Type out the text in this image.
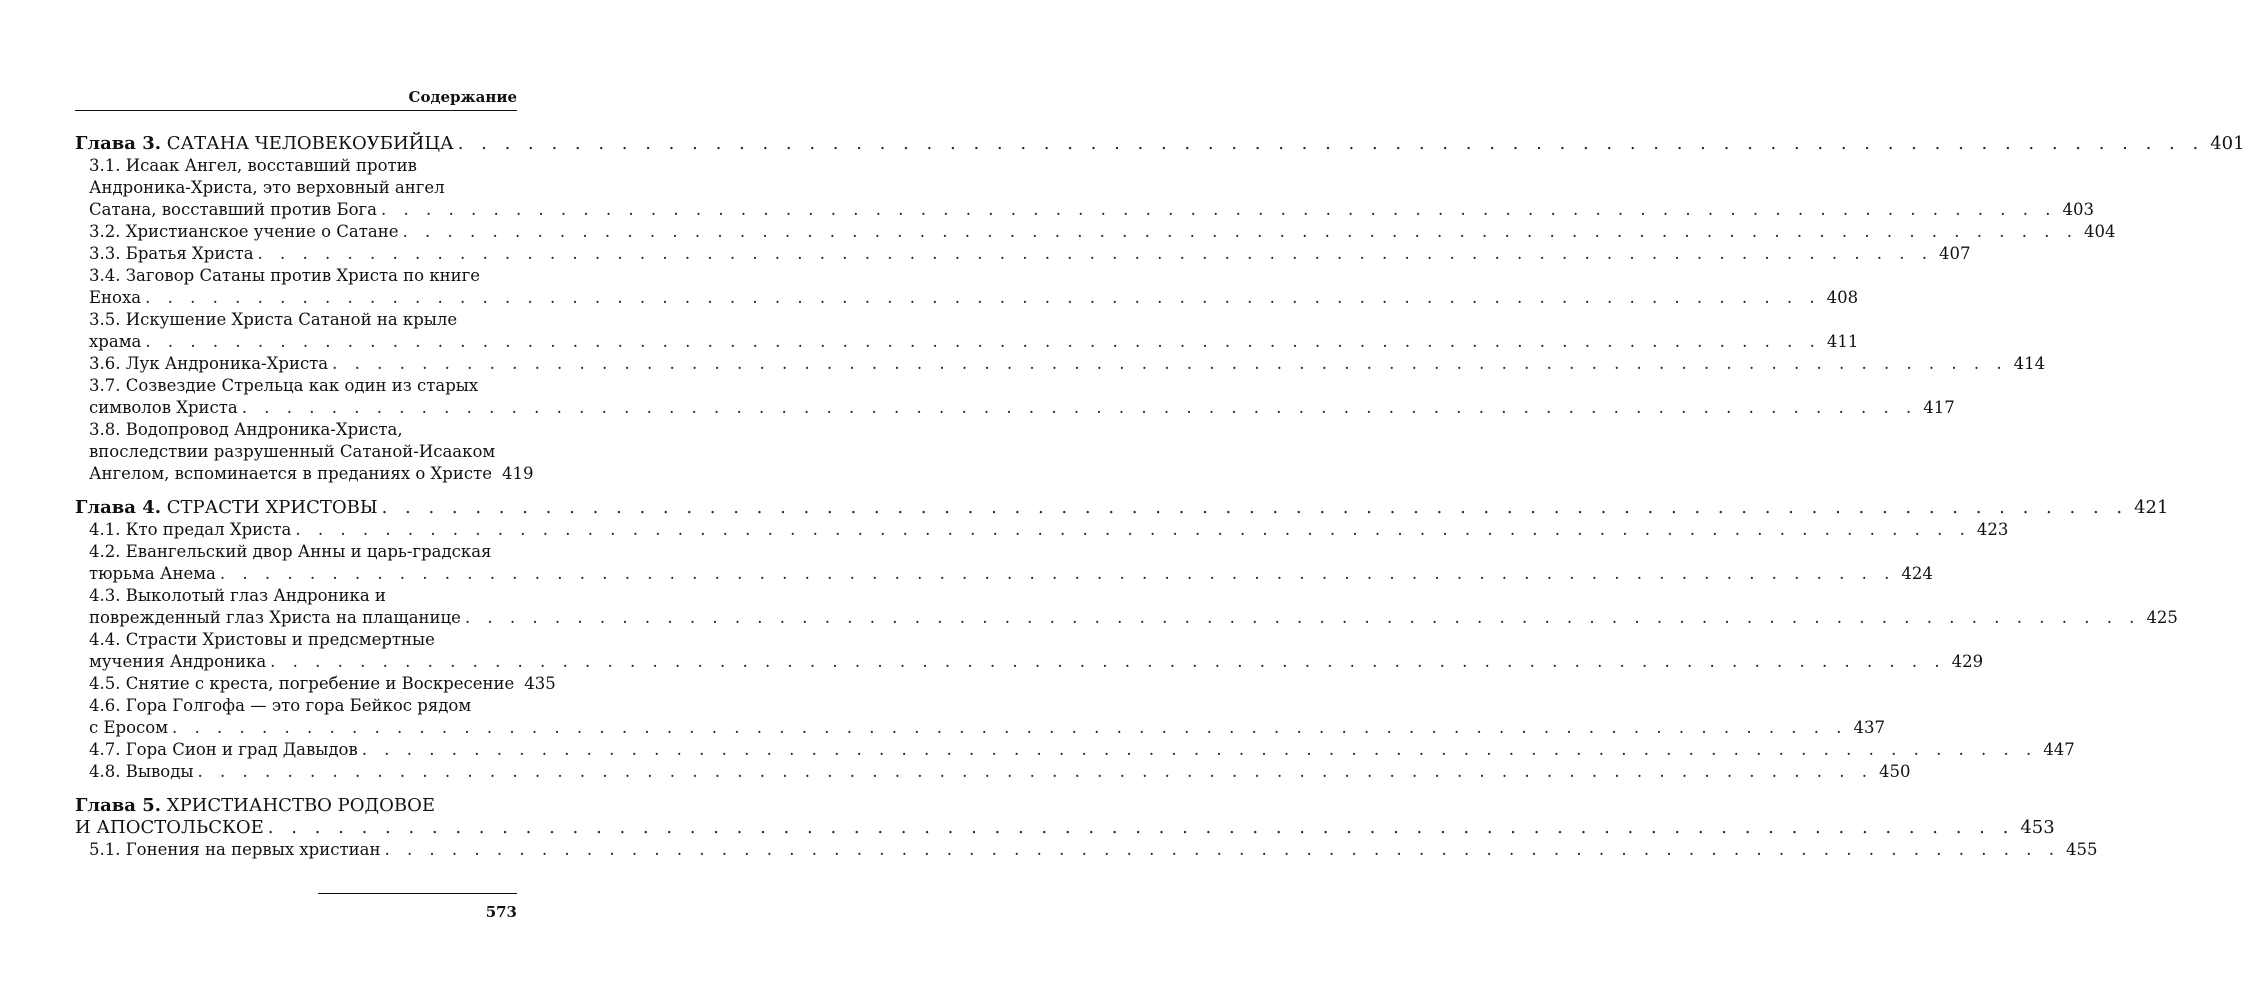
Содержание
Глава 3. САТАНА ЧЕЛОВЕКОУБИЙЦА . . .	401
3.1. Исаак Ангел, восставший против
Андроника-Христа, это верховный ангел
Сатана, восставший против Бога . . .	403
3.2. Христианское учение о Сатане . . .	404
3.3. Братья Христа . . .	407
3.4. Заговор Сатаны против Христа по книге
Еноха . . .	408
3.5. Искушение Христа Сатаной на крыле
храма . . .	411
3.6. Лук Андроника-Христа . . .	414
3.7. Созвездие Стрельца как один из старых
символов Христа . . .	417
3.8. Водопровод Андроника-Христа,
впоследствии разрушенный Сатаной-Исааком
Ангелом, вспоминается в преданиях о Христе 419
Глава 4. СТРАСТИ ХРИСТОВЫ . . .	421
4.1. Кто предал Христа . . .	423
4.2. Евангельский двор Анны и царь-градская
тюрьма Анема . . .	424
4.3. Выколотый глаз Андроника и
поврежденный глаз Христа на плащанице . . .	425
4.4. Страсти Христовы и предсмертные
мучения Андроника . . .	429
4.5. Снятие с креста, погребение и Воскресение 435
4.6. Гора Голгофа — это гора Бейкос рядом
с Еросом . . .	437
4.7. Гора Сион и град Давыдов . . .	447
4.8. Выводы . . .	450
Глава 5. ХРИСТИАНСТВО РОДОВОЕ
И АПОСТОЛЬСКОЕ . . .	453
5.1. Гонения на первых христиан . . .	455
573
